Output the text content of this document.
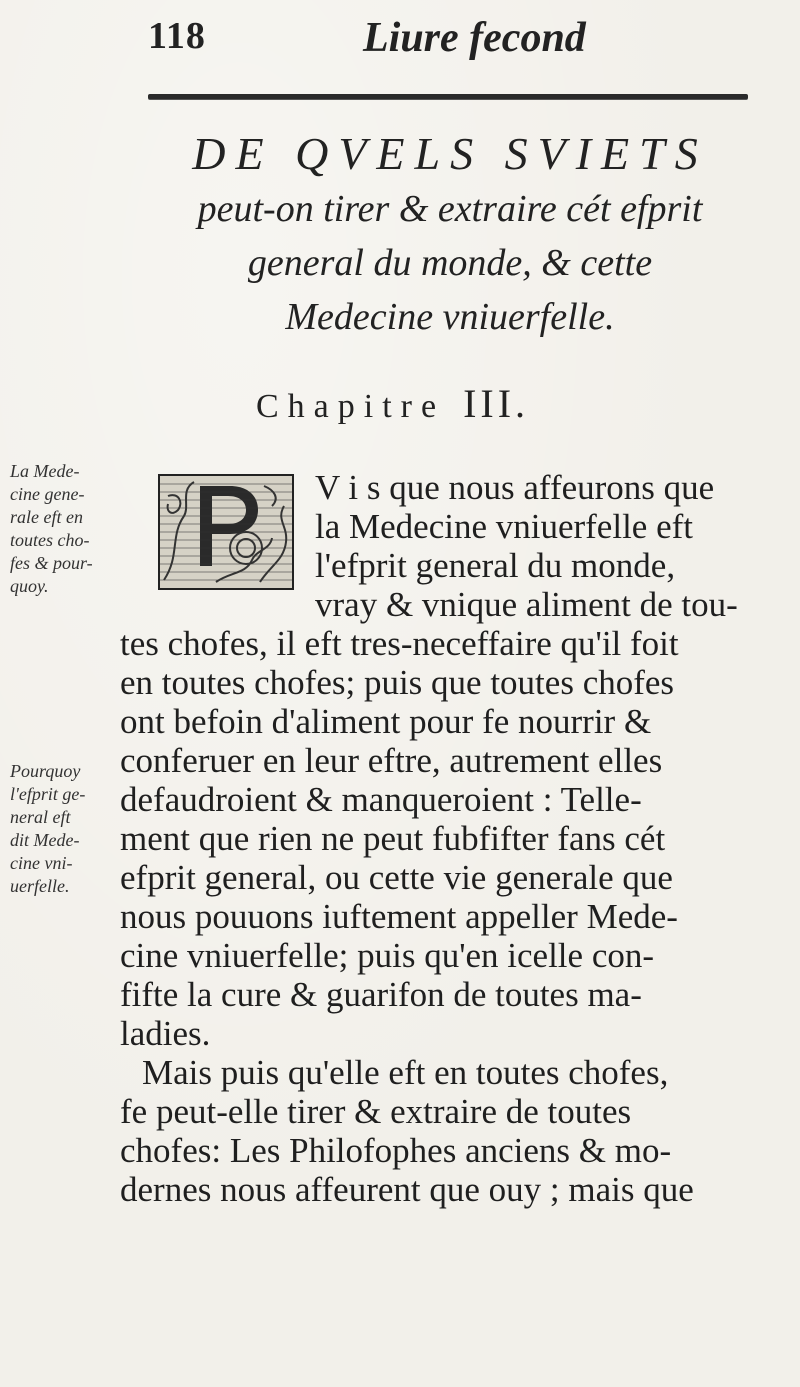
118	Liure fecond
DE QVELS SVIETS
peut-on tirer & extraire cét efprit
general du monde, & cette
Medecine vniuerfelle.
Chapitre III.
La Mede-
cine gene-
rale eft en
toutes cho-
fes & pour-
quoy.
Pourquoy
l'efprit ge-
neral eft
dit Mede-
cine vni-
uerfelle.
V i s que nous affeurons que
la Medecine vniuerfelle eft
l'efprit general du monde,
vray & vnique aliment de tou-
tes chofes, il eft tres-neceffaire qu'il foit
en toutes chofes; puis que toutes chofes
ont befoin d'aliment pour fe nourrir &
conferuer en leur eftre, autrement elles
defaudroient & manqueroient : Telle-
ment que rien ne peut fubfifter fans cét
efprit general, ou cette vie generale que
nous pouuons iuftement appeller Mede-
cine vniuerfelle; puis qu'en icelle con-
fifte la cure & guarifon de toutes ma-
ladies.
Mais puis qu'elle eft en toutes chofes,
fe peut-elle tirer & extraire de toutes
chofes: Les Philofophes anciens & mo-
dernes nous affeurent que ouy ; mais que
